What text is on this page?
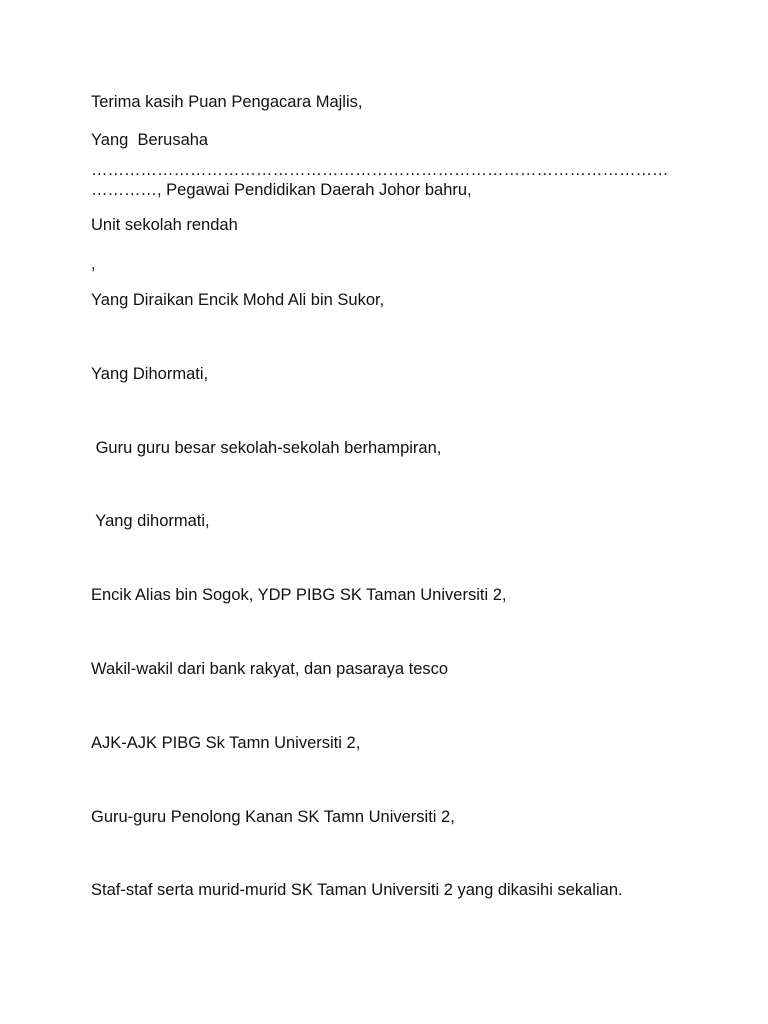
Terima kasih Puan Pengacara Majlis,
Yang  Berusaha
……………………………………………………………………………………………
…………, Pegawai Pendidikan Daerah Johor bahru,
Unit sekolah rendah
,
Yang Diraikan Encik Mohd Ali bin Sukor,
Yang Dihormati,
Guru guru besar sekolah-sekolah berhampiran,
Yang dihormati,
Encik Alias bin Sogok, YDP PIBG SK Taman Universiti 2,
Wakil-wakil dari bank rakyat, dan pasaraya tesco
AJK-AJK PIBG Sk Tamn Universiti 2,
Guru-guru Penolong Kanan SK Tamn Universiti 2,
Staf-staf serta murid-murid SK Taman Universiti 2 yang dikasihi sekalian.
